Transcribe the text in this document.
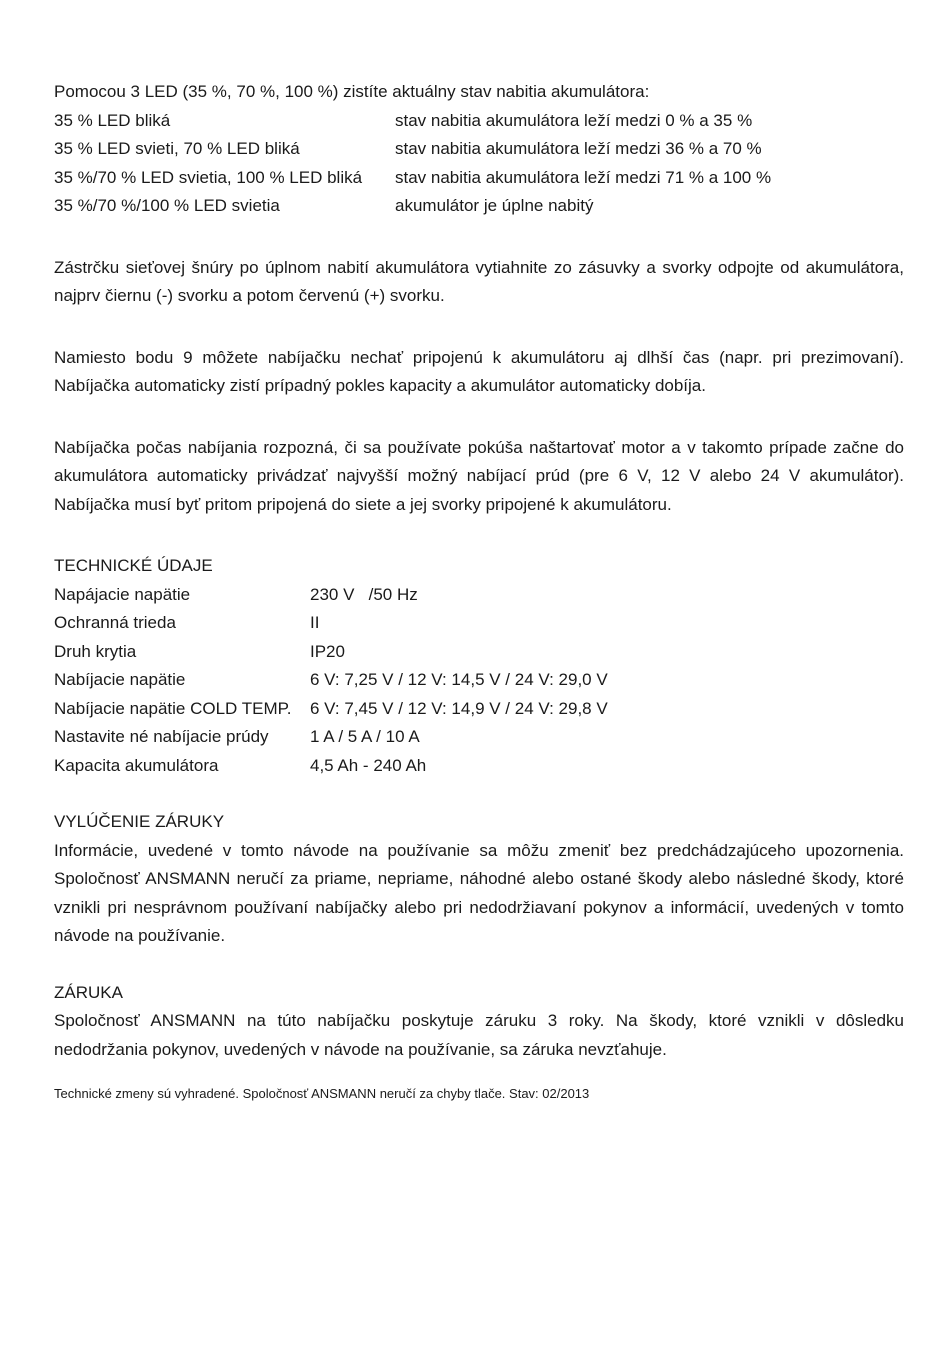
Pomocou 3 LED (35 %, 70 %, 100 %) zistíte aktuálny stav nabitia akumulátora:
35 % LED bliká	stav nabitia akumulátora leží medzi 0 % a 35 %
35 % LED svieti, 70 % LED bliká	stav nabitia akumulátora leží medzi 36 % a 70 %
35 %/70 % LED svietia, 100 % LED bliká	stav nabitia akumulátora leží medzi 71 % a 100 %
35 %/70 %/100 % LED svietia	akumulátor je úplne nabitý

Zástrčku sieťovej šnúry po úplnom nabití akumulátora vytiahnite zo zásuvky a svorky odpojte od akumulátora, najprv čiernu (-) svorku a potom červenú (+) svorku.

Namiesto bodu 9 môžete nabíjačku nechať pripojenú k akumulátoru aj dlhší čas (napr. pri prezimovaní). Nabíjačka automaticky zistí prípadný pokles kapacity a akumulátor automaticky dobíja.

Nabíjačka počas nabíjania rozpozná, či sa používate pokúša naštartovať motor a v takomto prípade začne do akumulátora automaticky privádzať najvyšší možný nabíjací prúd (pre 6 V, 12 V alebo 24 V akumulátor). Nabíjačka musí byť pritom pripojená do siete a jej svorky pripojené k akumulátoru.

TECHNICKÉ ÚDAJE
Napájacie napätie	230 V   /50 Hz
Ochranná trieda	II
Druh krytia	IP20
Nabíjacie napätie	6 V: 7,25 V / 12 V: 14,5 V / 24 V: 29,0 V
Nabíjacie napätie COLD TEMP.	6 V: 7,45 V / 12 V: 14,9 V / 24 V: 29,8 V
Nastavite né nabíjacie prúdy	1 A / 5 A / 10 A
Kapacita akumulátora	4,5 Ah - 240 Ah
VYLÚČENIE ZÁRUKY

Informácie, uvedené v tomto návode na používanie sa môžu zmeniť bez predchádzajúceho upozornenia. Spoločnosť ANSMANN neručí za priame, nepriame, náhodné alebo ostané škody alebo následné škody, ktoré vznikli pri nesprávnom používaní nabíjačky alebo pri nedodržiavaní pokynov a informácií, uvedených v tomto návode na používanie.

ZÁRUKA

Spoločnosť ANSMANN na túto nabíjačku poskytuje záruku 3 roky. Na škody, ktoré vznikli v dôsledku nedodržania pokynov, uvedených v návode na používanie, sa záruka nevzťahuje.

Technické zmeny sú vyhradené. Spoločnosť ANSMANN neručí za chyby tlače. Stav: 02/2013
